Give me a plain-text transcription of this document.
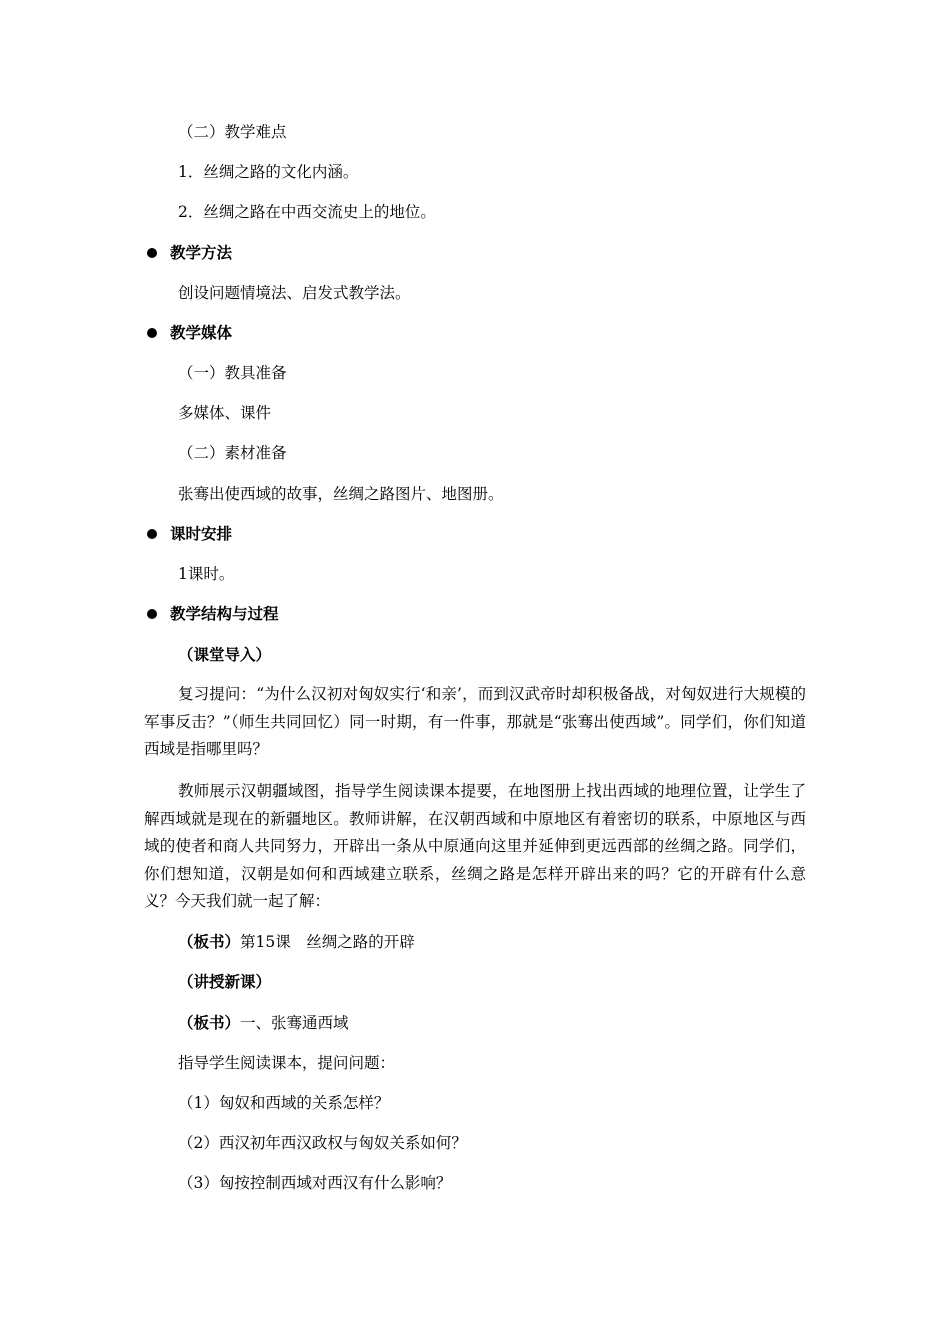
（二）教学难点
1．丝绸之路的文化内涵。
2．丝绸之路在中西交流史上的地位。
教学方法
创设问题情境法、启发式教学法。
教学媒体
（一）教具准备
多媒体、课件
（二）素材准备
张骞出使西域的故事，丝绸之路图片、地图册。
课时安排
1课时。
教学结构与过程
（课堂导入）
复习提问：“为什么汉初对匈奴实行‘和亲’，而到汉武帝时却积极备战，对匈奴进行大规模的军事反击？”（师生共同回忆）同一时期，有一件事，那就是“张骞出使西域”。同学们，你们知道西域是指哪里吗？
教师展示汉朝疆域图，指导学生阅读课本提要，在地图册上找出西域的地理位置，让学生了解西域就是现在的新疆地区。教师讲解，在汉朝西域和中原地区有着密切的联系，中原地区与西域的使者和商人共同努力，开辟出一条从中原通向这里并延伸到更远西部的丝绸之路。同学们，你们想知道，汉朝是如何和西域建立联系，丝绸之路是怎样开辟出来的吗？它的开辟有什么意义？今天我们就一起了解：
（板书）第15课　丝绸之路的开辟
（讲授新课）
（板书）一、张骞通西域
指导学生阅读课本，提问问题：
（1）匈奴和西域的关系怎样？
（2）西汉初年西汉政权与匈奴关系如何？
（3）匈按控制西域对西汉有什么影响？
